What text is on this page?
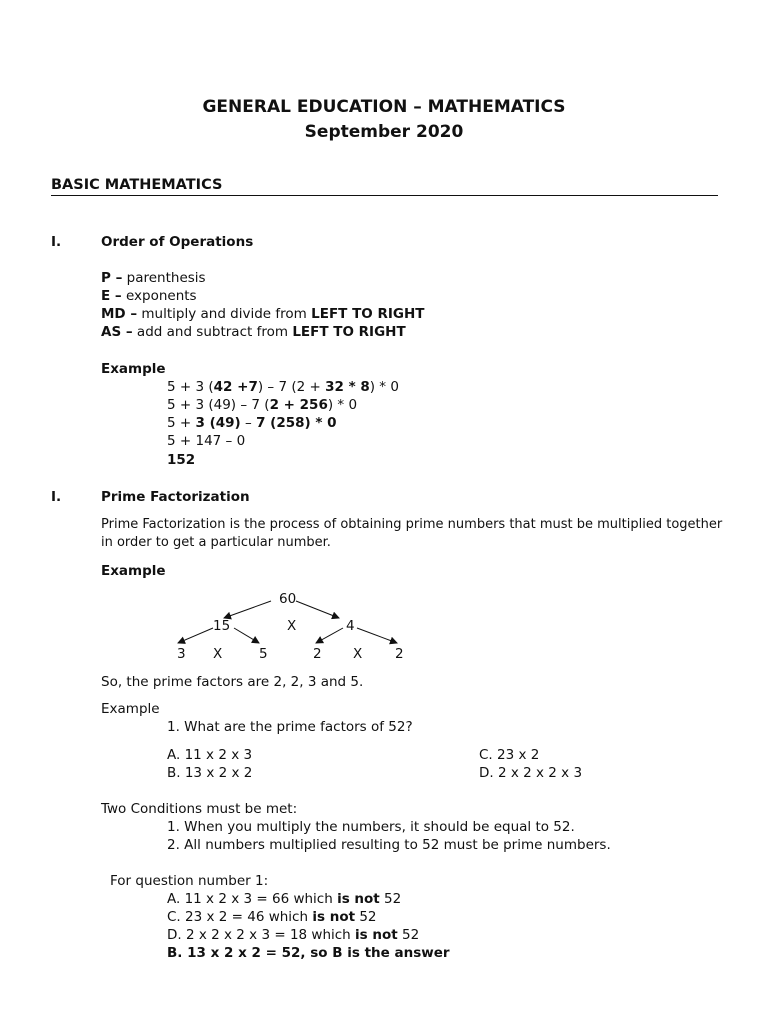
GENERAL EDUCATION – MATHEMATICS
September 2020
BASIC MATHEMATICS
I.	Order of Operations
P – parenthesis
E – exponents
MD – multiply and divide from LEFT TO RIGHT
AS – add and subtract from LEFT TO RIGHT
Example
5 + 3 (42 +7) – 7 (2 + 32 * 8) * 0
5 + 3 (49) – 7 (2 + 256) * 0
5 + 3 (49) – 7 (258) * 0
5 + 147 – 0
152
I.	Prime Factorization
Prime Factorization is the process of obtaining prime numbers that must be multiplied together
in order to get a particular number.
Example
60
15	X	4
3 X	5	2 X 2
So, the prime factors are 2, 2, 3 and 5.
Example
1. What are the prime factors of 52?
A. 11 x 2 x 3
B. 13 x 2 x 2
C. 23 x 2
D. 2 x 2 x 2 x 3
Two Conditions must be met:
1. When you multiply the numbers, it should be equal to 52.
2. All numbers multiplied resulting to 52 must be prime numbers.
For question number 1:
A. 11 x 2 x 3 = 66 which is not 52
C. 23 x 2 = 46 which is not 52
D. 2 x 2 x 2 x 3 = 18 which is not 52
B. 13 x 2 x 2 = 52, so B is the answer
